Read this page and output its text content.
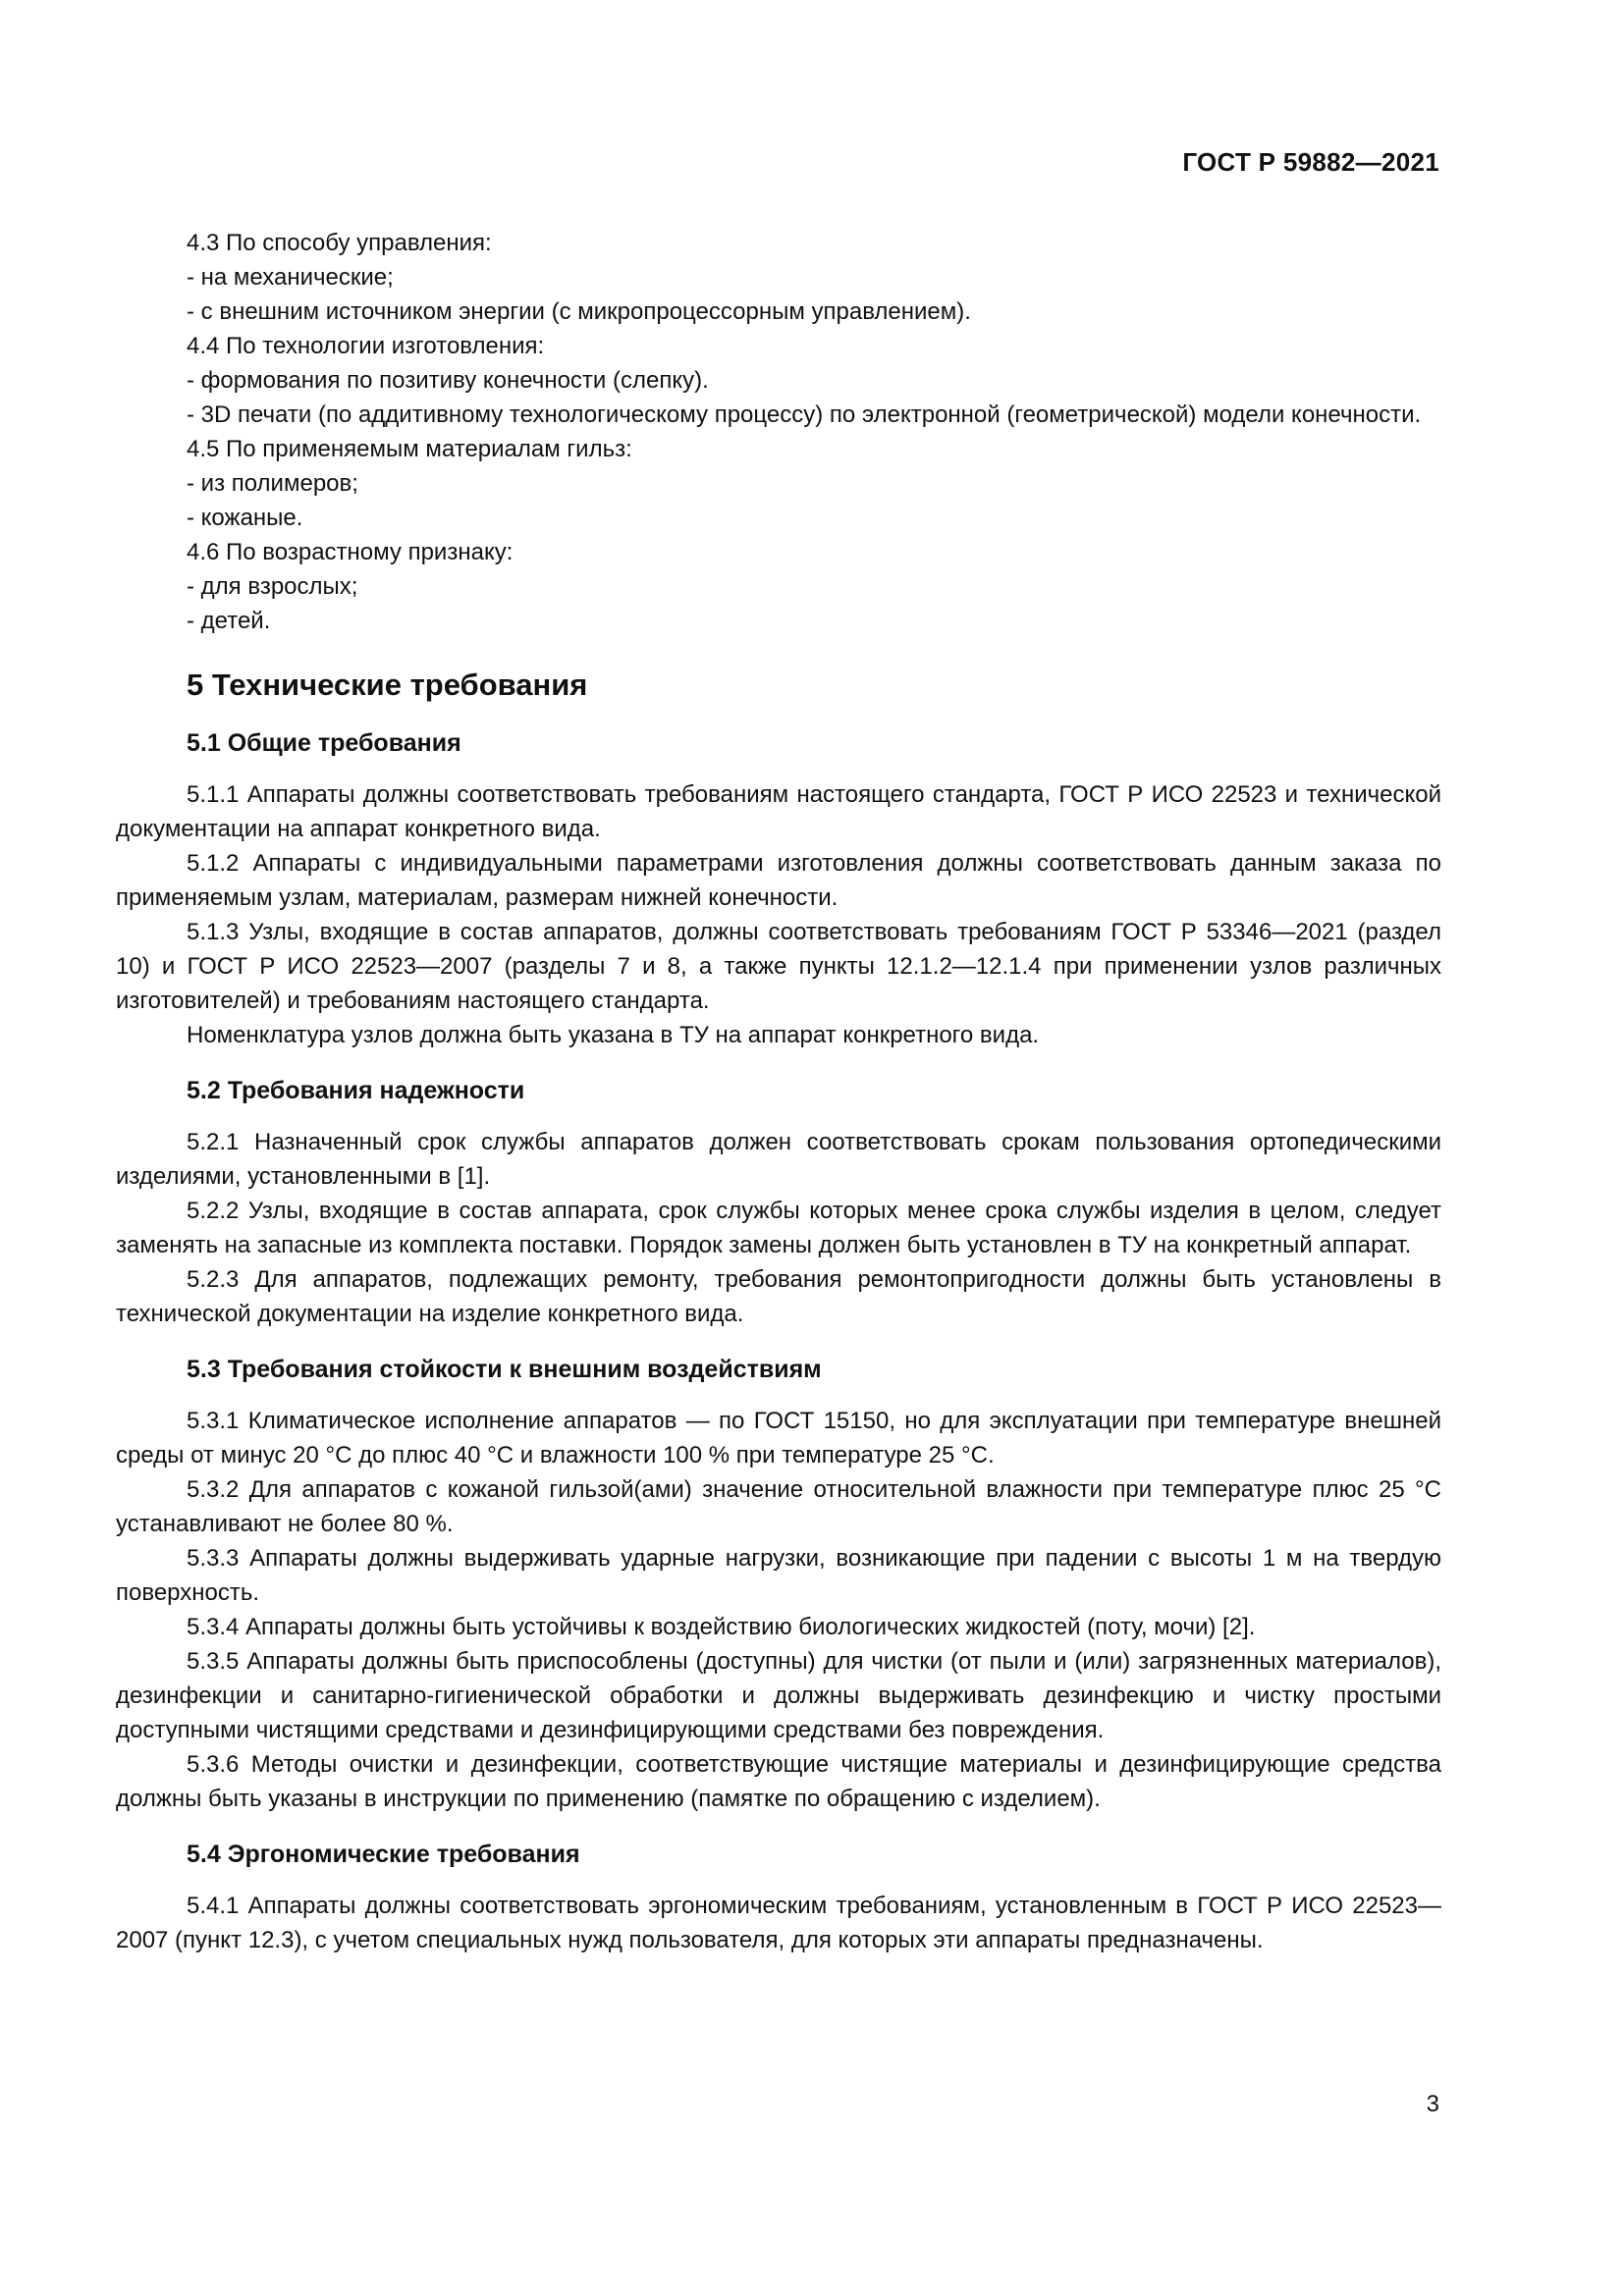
ГОСТ Р 59882—2021

4.3 По способу управления:

- на механические;

- с внешним источником энергии (с микропроцессорным управлением).

4.4 По технологии изготовления:

- формования по позитиву конечности (слепку).

- 3D печати (по аддитивному технологическому процессу) по электронной (геометрической) модели конечности.

4.5 По применяемым материалам гильз:

- из полимеров;

- кожаные.

4.6 По возрастному признаку:

- для взрослых;

- детей.

5 Технические требования
5.1 Общие требования

5.1.1 Аппараты должны соответствовать требованиям настоящего стандарта, ГОСТ Р ИСО 22523 и технической документации на аппарат конкретного вида.

5.1.2 Аппараты с индивидуальными параметрами изготовления должны соответствовать данным заказа по применяемым узлам, материалам, размерам нижней конечности.

5.1.3 Узлы, входящие в состав аппаратов, должны соответствовать требованиям ГОСТ Р 53346—2021 (раздел 10) и ГОСТ Р ИСО 22523—2007 (разделы 7 и 8, а также пункты 12.1.2—12.1.4 при применении узлов различных изготовителей) и требованиям настоящего стандарта.

Номенклатура узлов должна быть указана в ТУ на аппарат конкретного вида.

5.2 Требования надежности

5.2.1 Назначенный срок службы аппаратов должен соответствовать срокам пользования ортопедическими изделиями, установленными в [1].

5.2.2 Узлы, входящие в состав аппарата, срок службы которых менее срока службы изделия в целом, следует заменять на запасные из комплекта поставки. Порядок замены должен быть установлен в ТУ на конкретный аппарат.

5.2.3 Для аппаратов, подлежащих ремонту, требования ремонтопригодности должны быть установлены в технической документации на изделие конкретного вида.

5.3 Требования стойкости к внешним воздействиям

5.3.1 Климатическое исполнение аппаратов — по ГОСТ 15150, но для эксплуатации при температуре внешней среды от минус 20 °С до плюс 40 °С и влажности 100 % при температуре 25 °С.

5.3.2 Для аппаратов с кожаной гильзой(ами) значение относительной влажности при температуре плюс 25 °С устанавливают не более 80 %.

5.3.3 Аппараты должны выдерживать ударные нагрузки, возникающие при падении с высоты 1 м на твердую поверхность.

5.3.4 Аппараты должны быть устойчивы к воздействию биологических жидкостей (поту, мочи) [2].

5.3.5 Аппараты должны быть приспособлены (доступны) для чистки (от пыли и (или) загрязненных материалов), дезинфекции и санитарно-гигиенической обработки и должны выдерживать дезинфекцию и чистку простыми доступными чистящими средствами и дезинфицирующими средствами без повреждения.

5.3.6 Методы очистки и дезинфекции, соответствующие чистящие материалы и дезинфицирующие средства должны быть указаны в инструкции по применению (памятке по обращению с изделием).

5.4 Эргономические требования

5.4.1 Аппараты должны соответствовать эргономическим требованиям, установленным в ГОСТ Р ИСО 22523—2007 (пункт 12.3), с учетом специальных нужд пользователя, для которых эти аппараты предназначены.

3
